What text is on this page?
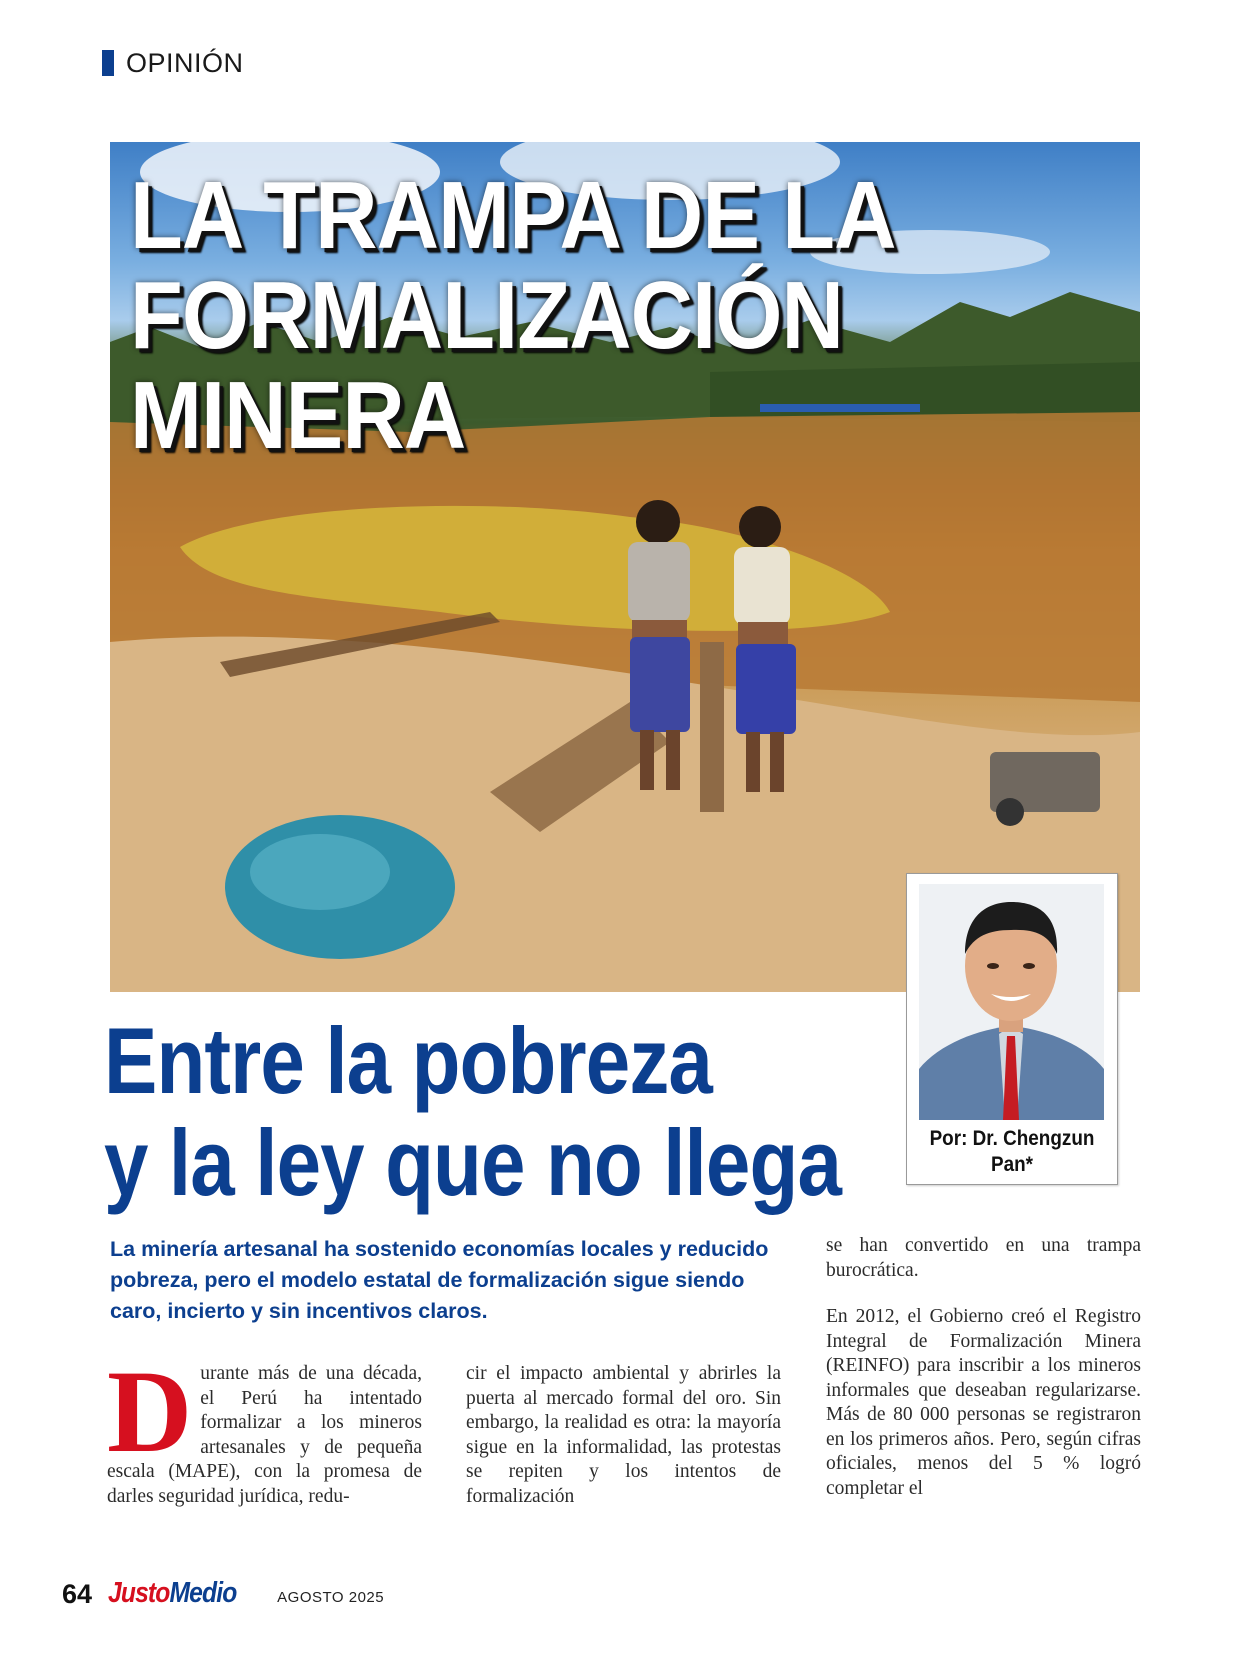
OPINIÓN
LA TRAMPA DE LA
FORMALIZACIÓN
MINERA
Por: Dr. Chengzun Pan*
Entre la pobreza
y la ley que no llega

La minería artesanal ha sostenido economías locales y reducido pobreza, pero el modelo estatal de formalización sigue siendo caro, incierto y sin incentivos claros.

Durante más de una década, el Perú ha intentado formalizar a los mineros artesanales y de pequeña escala (MAPE), con la promesa de darles seguridad jurídica, redu-
cir el impacto ambiental y abrirles la puerta al mercado formal del oro. Sin embargo, la realidad es otra: la mayoría sigue en la informalidad, las protestas se repiten y los intentos de formalización

se han convertido en una trampa burocrática.

En 2012, el Gobierno creó el Registro Integral de Formalización Minera (REINFO) para inscribir a los mineros informales que deseaban regularizarse. Más de 80 000 personas se registraron en los primeros años. Pero, según cifras oficiales, menos del 5 % logró completar el

64 JustoMedio	AGOSTO 2025
